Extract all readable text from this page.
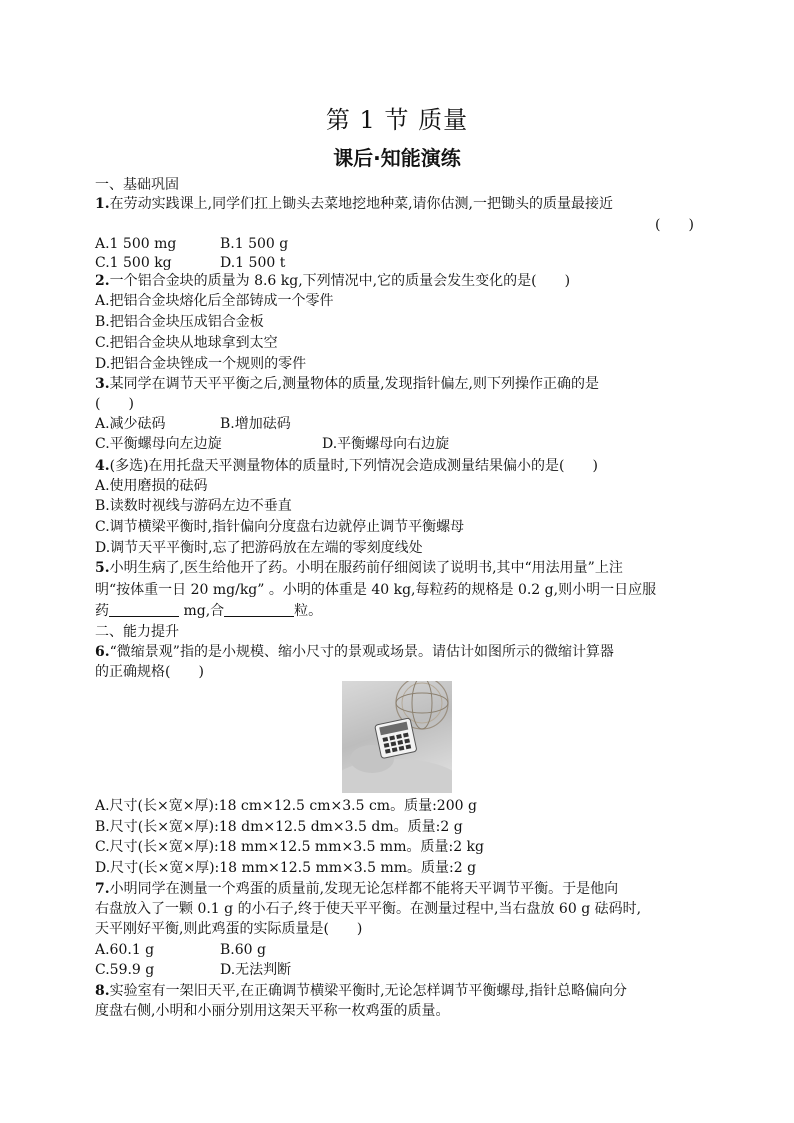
第 1 节 质量
课后·知能演练
一、基础巩固
1.在劳动实践课上,同学们扛上锄头去菜地挖地种菜,请你估测,一把锄头的质量最接近
(　　)
A.1 500 mg	B.1 500 g
C.1 500 kg	D.1 500 t
2.一个铝合金块的质量为 8.6 kg,下列情况中,它的质量会发生变化的是(　　)
A.把铝合金块熔化后全部铸成一个零件
B.把铝合金块压成铝合金板
C.把铝合金块从地球拿到太空
D.把铝合金块锉成一个规则的零件
3.某同学在调节天平平衡之后,测量物体的质量,发现指针偏左,则下列操作正确的是
(　　)
A.减少砝码	B.增加砝码
C.平衡螺母向左边旋	D.平衡螺母向右边旋
4.(多选)在用托盘天平测量物体的质量时,下列情况会造成测量结果偏小的是(　　)
A.使用磨损的砝码
B.读数时视线与游码左边不垂直
C.调节横梁平衡时,指针偏向分度盘右边就停止调节平衡螺母
D.调节天平平衡时,忘了把游码放在左端的零刻度线处
5.小明生病了,医生给他开了药。小明在服药前仔细阅读了说明书,其中“用法用量”上注
明“按体重一日 20 mg/kg” 。小明的体重是 40 kg,每粒药的规格是 0.2 g,则小明一日应服
药	mg,合	粒。
二、能力提升
6.“微缩景观”指的是小规模、缩小尺寸的景观或场景。请估计如图所示的微缩计算器
的正确规格(　　)
A.尺寸(长×宽×厚):18 cm×12.5 cm×3.5 cm。质量:200 g
B.尺寸(长×宽×厚):18 dm×12.5 dm×3.5 dm。质量:2 g
C.尺寸(长×宽×厚):18 mm×12.5 mm×3.5 mm。质量:2 kg
D.尺寸(长×宽×厚):18 mm×12.5 mm×3.5 mm。质量:2 g
7.小明同学在测量一个鸡蛋的质量前,发现无论怎样都不能将天平调节平衡。于是他向
右盘放入了一颗 0.1 g 的小石子,终于使天平平衡。在测量过程中,当右盘放 60 g 砝码时,
天平刚好平衡,则此鸡蛋的实际质量是(　　)
A.60.1 g	B.60 g
C.59.9 g	D.无法判断
8.实验室有一架旧天平,在正确调节横梁平衡时,无论怎样调节平衡螺母,指针总略偏向分
度盘右侧,小明和小丽分别用这架天平称一枚鸡蛋的质量。
